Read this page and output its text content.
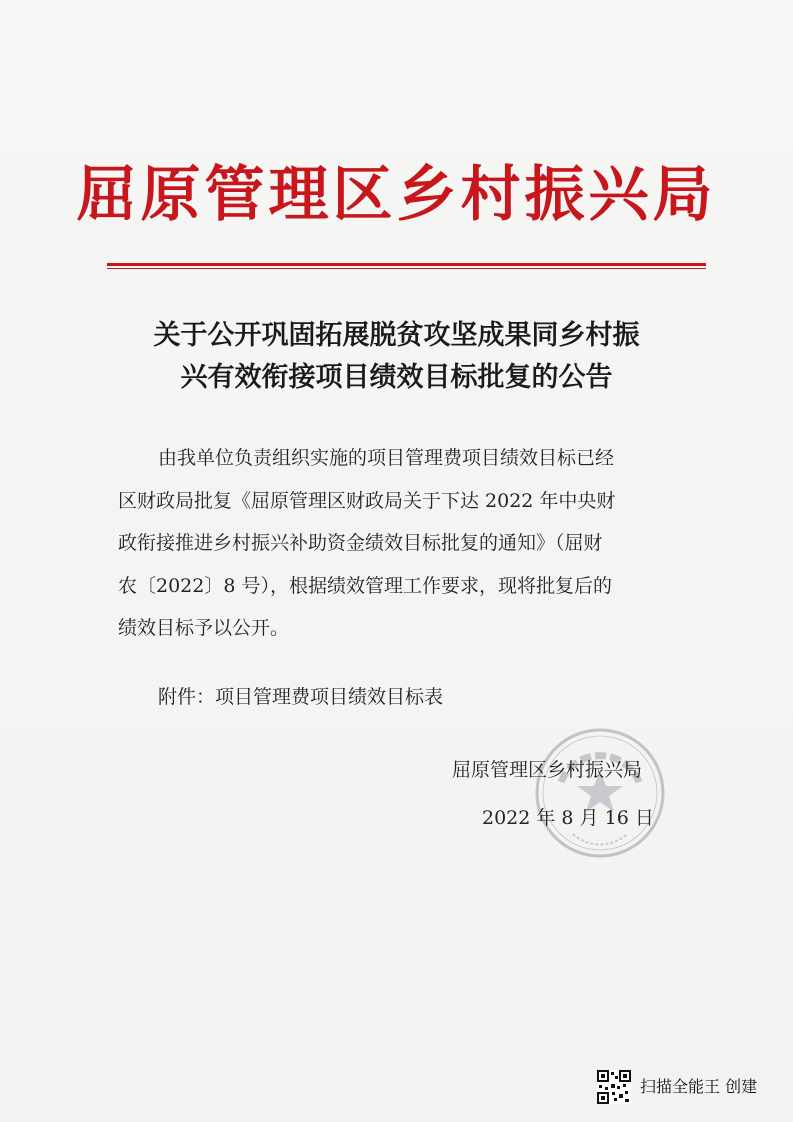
屈原管理区乡村振兴局
关于公开巩固拓展脱贫攻坚成果同乡村振
兴有效衔接项目绩效目标批复的公告
由我单位负责组织实施的项目管理费项目绩效目标已经
区财政局批复《屈原管理区财政局关于下达 2022 年中央财
政衔接推进乡村振兴补助资金绩效目标批复的通知》（屈财
农〔2022〕8 号），根据绩效管理工作要求，现将批复后的
绩效目标予以公开。
附件：项目管理费项目绩效目标表
屈原管理区乡村振兴局
2022 年 8 月 16 日
扫描全能王 创建
